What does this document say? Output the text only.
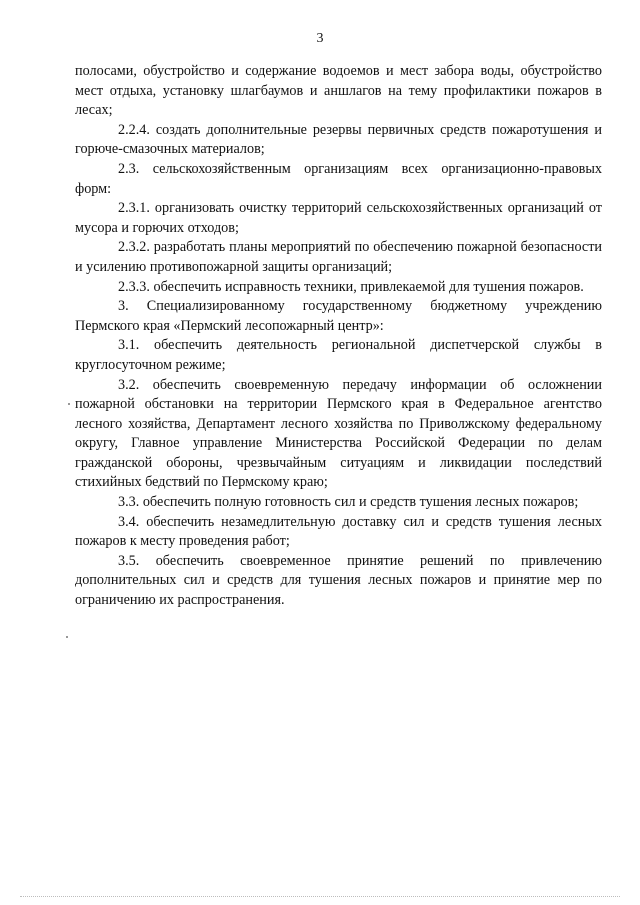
3

полосами, обустройство и содержание водоемов и мест забора воды, обустройство мест отдыха, установку шлагбаумов и аншлагов на тему профилактики пожаров в лесах;

2.2.4. создать дополнительные резервы первичных средств пожаротушения и горюче-смазочных материалов;

2.3. сельскохозяйственным организациям всех организационно-правовых форм:

2.3.1. организовать очистку территорий сельскохозяйственных организаций от мусора и горючих отходов;

2.3.2. разработать планы мероприятий по обеспечению пожарной безопасности и усилению противопожарной защиты организаций;

2.3.3. обеспечить исправность техники, привлекаемой для тушения пожаров.

3. Специализированному государственному бюджетному учреждению Пермского края «Пермский лесопожарный центр»:

3.1. обеспечить деятельность региональной диспетчерской службы в круглосуточном режиме;

3.2. обеспечить своевременную передачу информации об осложнении пожарной обстановки на территории Пермского края в Федеральное агентство лесного хозяйства, Департамент лесного хозяйства по Приволжскому федеральному округу, Главное управление Министерства Российской Федерации по делам гражданской обороны, чрезвычайным ситуациям и ликвидации последствий стихийных бедствий по Пермскому краю;

3.3. обеспечить полную готовность сил и средств тушения лесных пожаров;

3.4. обеспечить незамедлительную доставку сил и средств тушения лесных пожаров к месту проведения работ;

3.5. обеспечить своевременное принятие решений по привлечению дополнительных сил и средств для тушения лесных пожаров и принятие мер по ограничению их распространения.
